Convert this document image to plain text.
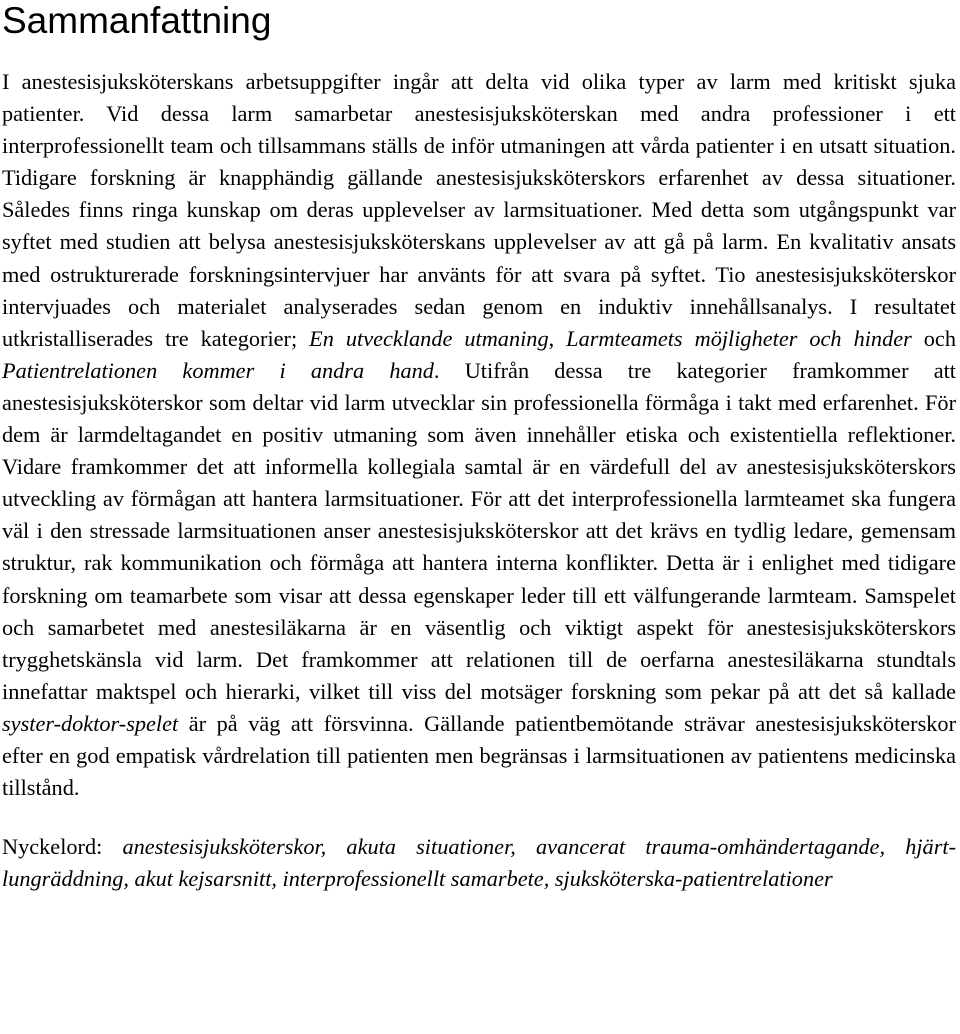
Sammanfattning

I anestesisjuksköterskans arbetsuppgifter ingår att delta vid olika typer av larm med kritiskt sjuka patienter. Vid dessa larm samarbetar anestesisjuksköterskan med andra professioner i ett interprofessionellt team och tillsammans ställs de inför utmaningen att vårda patienter i en utsatt situation. Tidigare forskning är knapphändig gällande anestesisjuksköterskors erfarenhet av dessa situationer. Således finns ringa kunskap om deras upplevelser av larmsituationer. Med detta som utgångspunkt var syftet med studien att belysa anestesisjuksköterskans upplevelser av att gå på larm. En kvalitativ ansats med ostrukturerade forskningsintervjuer har använts för att svara på syftet. Tio anestesisjuksköterskor intervjuades och materialet analyserades sedan genom en induktiv innehållsanalys. I resultatet utkristalliserades tre kategorier; En utvecklande utmaning, Larmteamets möjligheter och hinder och Patientrelationen kommer i andra hand. Utifrån dessa tre kategorier framkommer att anestesisjuksköterskor som deltar vid larm utvecklar sin professionella förmåga i takt med erfarenhet. För dem är larmdeltagandet en positiv utmaning som även innehåller etiska och existentiella reflektioner. Vidare framkommer det att informella kollegiala samtal är en värdefull del av anestesisjuksköterskors utveckling av förmågan att hantera larmsituationer. För att det interprofessionella larmteamet ska fungera väl i den stressade larmsituationen anser anestesisjuksköterskor att det krävs en tydlig ledare, gemensam struktur, rak kommunikation och förmåga att hantera interna konflikter. Detta är i enlighet med tidigare forskning om teamarbete som visar att dessa egenskaper leder till ett välfungerande larmteam. Samspelet och samarbetet med anestesiläkarna är en väsentlig och viktigt aspekt för anestesisjuksköterskors trygghetskänsla vid larm. Det framkommer att relationen till de oerfarna anestesiläkarna stundtals innefattar maktspel och hierarki, vilket till viss del motsäger forskning som pekar på att det så kallade syster-doktor-spelet är på väg att försvinna. Gällande patientbemötande strävar anestesisjuksköterskor efter en god empatisk vårdrelation till patienten men begränsas i larmsituationen av patientens medicinska tillstånd.

Nyckelord: anestesisjuksköterskor, akuta situationer, avancerat trauma-omhändertagande, hjärt-lungräddning, akut kejsarsnitt, interprofessionellt samarbete, sjuksköterska-patientrelationer
